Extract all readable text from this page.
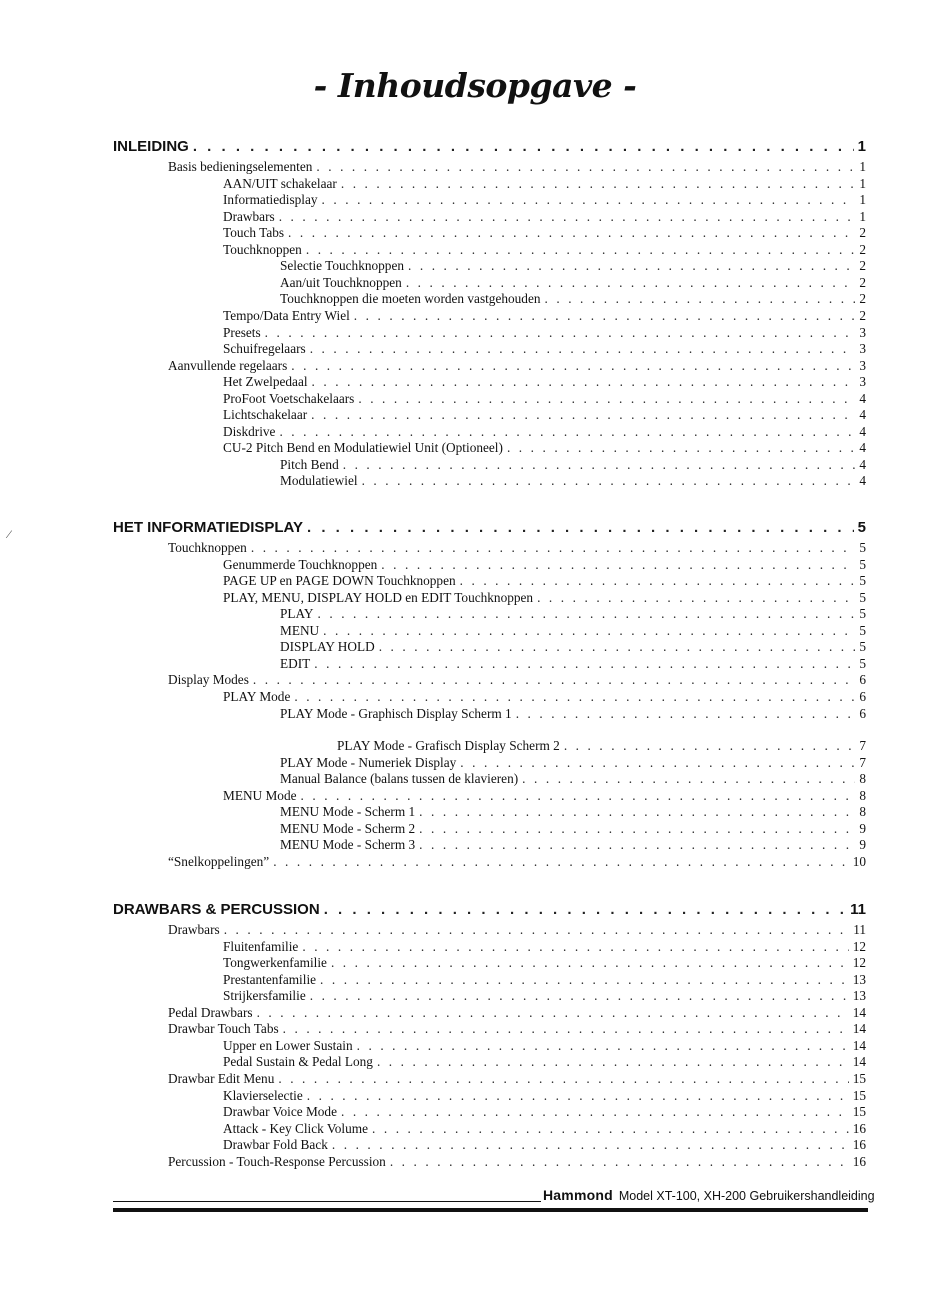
- Inhoudsopgave -
INLEIDING . . .	1
Basis bedieningselementen . . .	1
AAN/UIT schakelaar . . .	1
Informatiedisplay . . .	1
Drawbars . . .	1
Touch Tabs . . .	2
Touchknoppen . . .	2
Selectie Touchknoppen . . .	2
Aan/uit Touchknoppen . . .	2
Touchknoppen die moeten worden vastgehouden . . .	2
Tempo/Data Entry Wiel . . .	2
Presets . . .	3
Schuifregelaars . . .	3
Aanvullende regelaars . . .	3
Het Zwelpedaal . . .	3
ProFoot Voetschakelaars . . .	4
Lichtschakelaar . . .	4
Diskdrive . . .	4
CU-2 Pitch Bend en Modulatiewiel Unit (Optioneel) . . .	4
Pitch Bend . . .	4
Modulatiewiel . . .	4
HET INFORMATIEDISPLAY . . .	5
Touchknoppen . . .	5
Genummerde Touchknoppen . . .	5
PAGE UP en PAGE DOWN Touchknoppen . . .	5
PLAY, MENU, DISPLAY HOLD en EDIT Touchknoppen . . .	5
PLAY . . .	5
MENU . . .	5
DISPLAY HOLD . . .	5
EDIT . . .	5
Display Modes . . .	6
PLAY Mode . . .	6
PLAY Mode - Graphisch Display Scherm 1 . . .	6
PLAY Mode - Grafisch Display Scherm 2 . . .	7
PLAY Mode - Numeriek Display . . .	7
Manual Balance (balans tussen de klavieren) . . .	8
MENU Mode . . .	8
MENU Mode - Scherm 1 . . .	8
MENU Mode - Scherm 2 . . .	9
MENU Mode - Scherm 3 . . .	9
“Snelkoppelingen” . . .	10
DRAWBARS & PERCUSSION . . .	11
Drawbars . . .	11
Fluitenfamilie . . .	12
Tongwerkenfamilie . . .	12
Prestantenfamilie . . .	13
Strijkersfamilie . . .	13
Pedal Drawbars . . .	14
Drawbar Touch Tabs . . .	14
Upper en Lower Sustain . . .	14
Pedal Sustain & Pedal Long . . .	14
Drawbar Edit Menu . . .	15
Klavierselectie . . .	15
Drawbar Voice Mode . . .	15
Attack - Key Click Volume . . .	16
Drawbar Fold Back . . .	16
Percussion - Touch-Response Percussion . . .	16
⁄
Hammond Model XT-100, XH-200 Gebruikershandleiding
